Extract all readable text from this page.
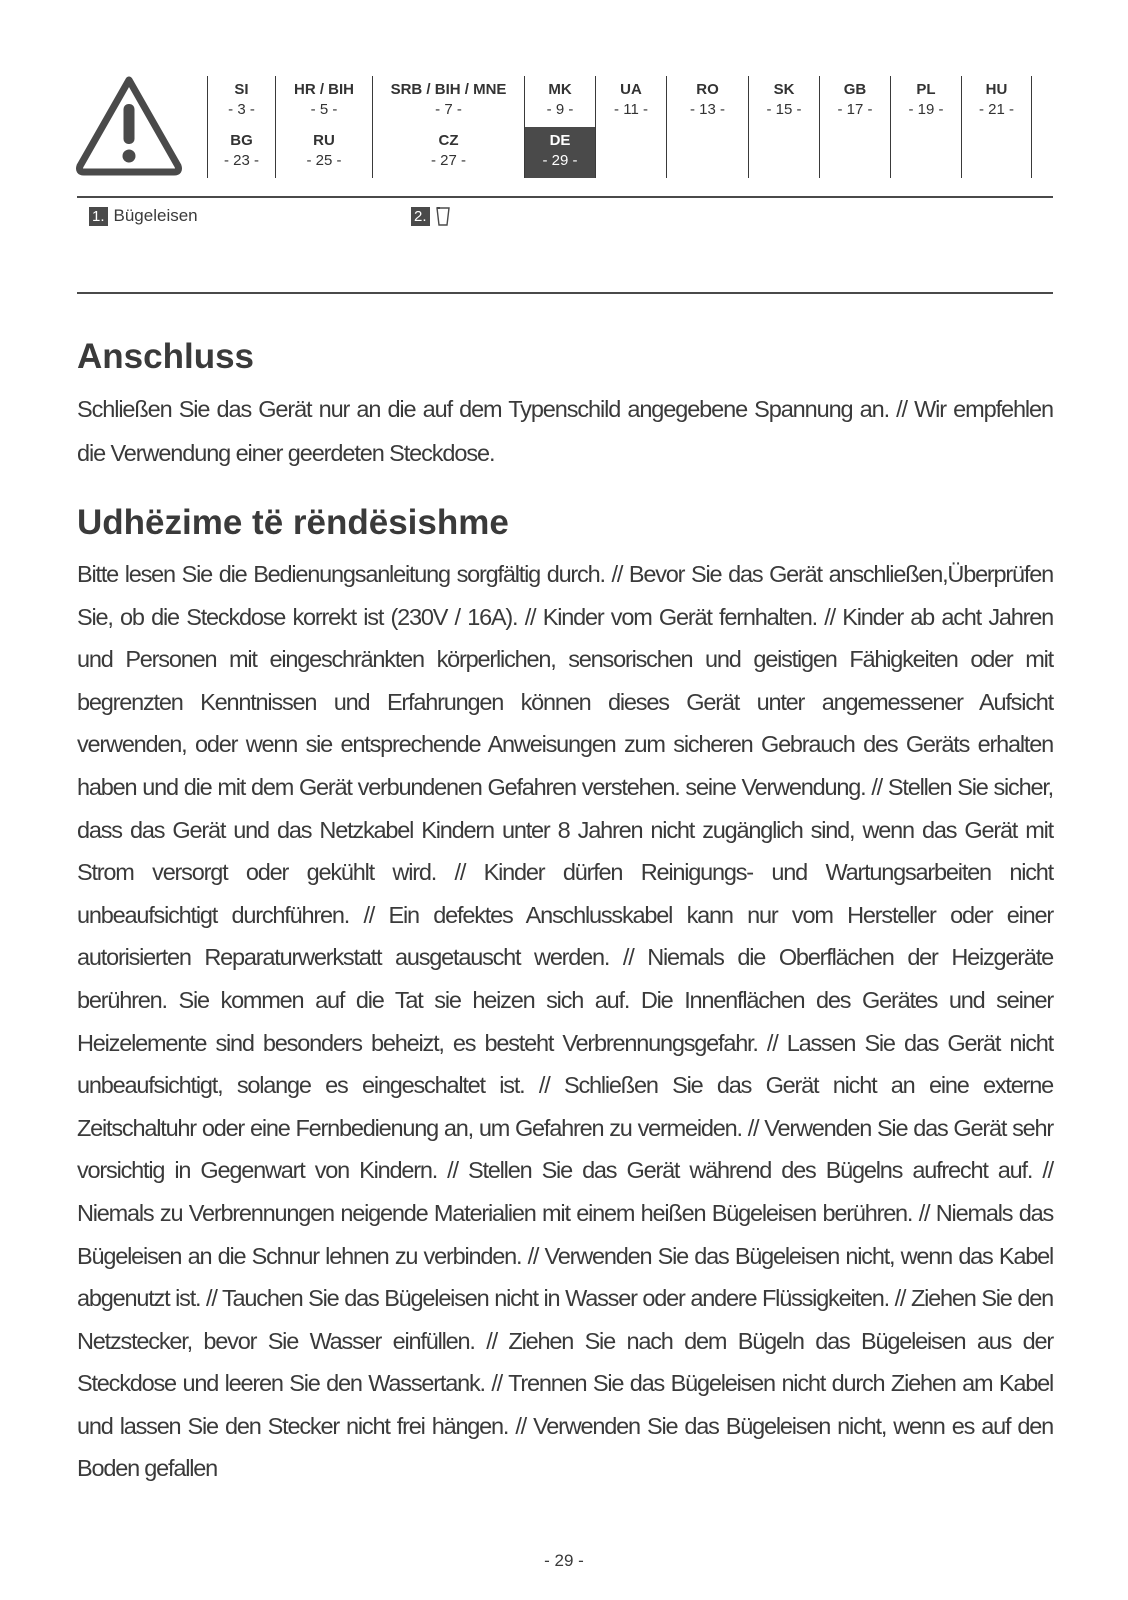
SI
- 3 -
HR / BIH
- 5 -
SRB / BIH / MNE
- 7 -
MK
- 9 -
UA
- 11 -
RO
- 13 -
SK
- 15 -
GB
- 17 -
PL
- 19 -
HU
- 21 -
BG
- 23 -
RU
- 25 -
CZ
- 27 -
DE
- 29 -
1. Bügeleisen	2.
Anschluss

Schließen Sie das Gerät nur an die auf dem Typenschild angegebene Spannung an. // Wir empfehlen die Verwendung einer geerdeten Steckdose.

Udhëzime të rëndësishme

Bitte lesen Sie die Bedienungsanleitung sorgfältig durch. // Bevor Sie das Gerät anschließen,Überprüfen Sie, ob die Steckdose korrekt ist (230V / 16A). // Kinder vom Gerät fernhalten. // Kinder ab acht Jahren und Personen mit eingeschränkten körperlichen, sensorischen und geistigen Fähigkeiten oder mit begrenzten Kenntnissen und Erfahrungen können dieses Gerät unter angemessener Aufsicht verwenden, oder wenn sie entsprechende Anweisungen zum sicheren Gebrauch des Geräts erhalten haben und die mit dem Gerät verbundenen Gefahren verstehen. seine Verwendung. // Stellen Sie sicher, dass das Gerät und das Netzkabel Kindern unter 8 Jahren nicht zugänglich sind, wenn das Gerät mit Strom versorgt oder gekühlt wird. // Kinder dürfen Reinigungs- und Wartungsarbeiten nicht unbeaufsichtigt durchführen. // Ein defektes Anschlusskabel kann nur vom Hersteller oder einer autorisierten Reparaturwerkstatt ausgetauscht werden. // Niemals die Oberflächen der Heizgeräte berühren. Sie kommen auf die Tat sie heizen sich auf. Die Innenflächen des Gerätes und seiner Heizelemente sind besonders beheizt, es besteht Verbrennungsgefahr. // Lassen Sie das Gerät nicht unbeaufsichtigt, solange es eingeschaltet ist. // Schließen Sie das Gerät nicht an eine externe Zeitschaltuhr oder eine Fernbedienung an, um Gefahren zu vermeiden. // Verwenden Sie das Gerät sehr vorsichtig in Gegenwart von Kindern. // Stellen Sie das Gerät während des Bügelns aufrecht auf. // Niemals zu Verbrennungen neigende Materialien mit einem heißen Bügeleisen berühren. // Niemals das Bügeleisen an die Schnur lehnen zu verbinden. // Verwenden Sie das Bügeleisen nicht, wenn das Kabel abgenutzt ist. // Tauchen Sie das Bügeleisen nicht in Wasser oder andere Flüssigkeiten. // Ziehen Sie den Netzstecker, bevor Sie Wasser einfüllen. // Ziehen Sie nach dem Bügeln das Bügeleisen aus der Steckdose und leeren Sie den Wassertank. // Trennen Sie das Bügeleisen nicht durch Ziehen am Kabel und lassen Sie den Stecker nicht frei hängen. // Verwenden Sie das Bügeleisen nicht, wenn es auf den Boden gefallen

- 29 -
